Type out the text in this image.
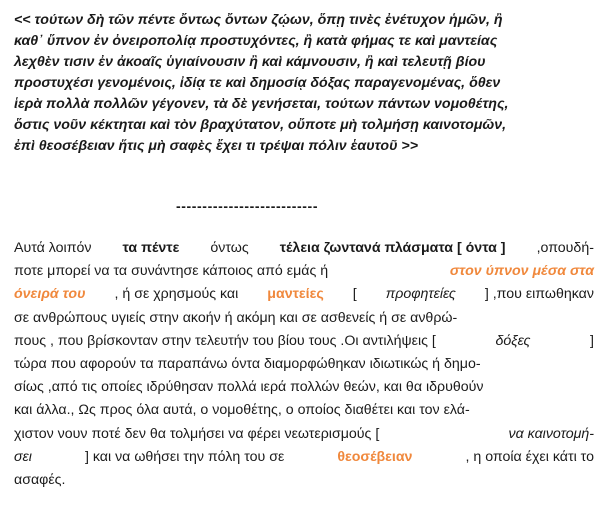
<< τούτων δὴ τῶν πέντε ὄντως ὄντων ζῴων, ὅπῃ τινὲς ἐνέτυχον ἡμῶν, ἢ
καθ᾽ ὕπνον ἐν ὀνειροπολίᾳ προστυχόντες, ἢ κατὰ φήμας τε καὶ μαντείας
λεχθὲν τισιν ἐν ἀκοαῖς ὑγιαίνουσιν ἢ καὶ κάμνουσιν, ἢ καὶ τελευτῇ βίου
προστυχέσι γενομένοις, ἰδίᾳ τε καὶ δημοσίᾳ δόξας παραγενομένας, ὅθεν
ἱερὰ πολλὰ πολλῶν γέγονεν, τὰ δὲ γενήσεται, τούτων πάντων νομοθέτης,
ὅστις νοῦν κέκτηται καὶ τὸν βραχύτατον, οὔποτε μὴ τολμήσῃ καινοτομῶν,
ἐπὶ θεοσέβειαν ἥτις μὴ σαφὲς ἔχει τι τρέψαι πόλιν ἑαυτοῦ >>
---------------------------
Αυτά λοιπόν τα πέντε όντως τέλεια ζωντανά πλάσματα [ όντα ] ,οπουδή-
ποτε μπορεί να τα συνάντησε κάποιος από εμάς ή	στον ύπνον μέσα στα
όνειρά του , ή σε χρησμούς και μαντείες [ προφητείες ] ,που ειπωθηκαν
σε ανθρώπους υγιείς στην ακοήν ή ακόμη και σε ασθενείς ή σε ανθρώ-
πους , που βρίσκονταν στην τελευτήν του βίου τους .Οι αντιλήψεις [	δόξες	]
τώρα που αφορούν τα παραπάνω όντα διαμορφώθηκαν ιδιωτικώς ή δημο-
σίως ,από τις οποίες ιδρύθησαν πολλά ιερά πολλών θεών, και θα ιδρυθούν
και άλλα., Ως προς όλα αυτά, ο νομοθέτης, ο οποίος διαθέτει και τον ελά-
χιστον νουν ποτέ δεν θα τολμήσει να φέρει νεωτερισμούς [	να καινοτομή-
σει	] και να ωθήσει την πόλη του σε	θεοσέβειαν	, η οποία έχει κάτι το
ασαφές.
